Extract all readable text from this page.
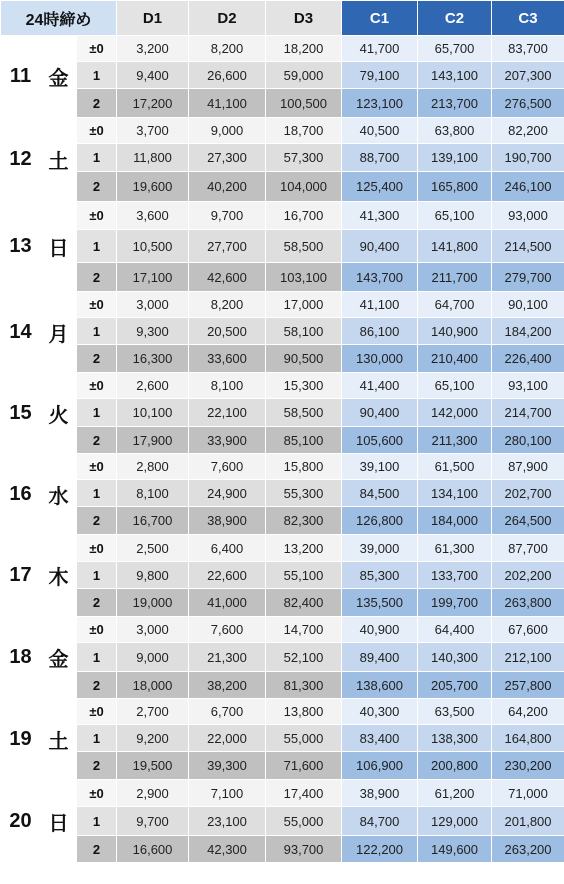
24時締め			D1	D2	D3	C1	C2	C3
11	金	±0	3,200	8,200	18,200	41,700	65,700	83,700
		1	9,400	26,600	59,000	79,100	143,100	207,300
		2	17,200	41,100	100,500	123,100	213,700	276,500
12	土	±0	3,700	9,000	18,700	40,500	63,800	82,200
		1	11,800	27,300	57,300	88,700	139,100	190,700
		2	19,600	40,200	104,000	125,400	165,800	246,100
13	日	±0	3,600	9,700	16,700	41,300	65,100	93,000
		1	10,500	27,700	58,500	90,400	141,800	214,500
		2	17,100	42,600	103,100	143,700	211,700	279,700
14	月	±0	3,000	8,200	17,000	41,100	64,700	90,100
		1	9,300	20,500	58,100	86,100	140,900	184,200
		2	16,300	33,600	90,500	130,000	210,400	226,400
15	火	±0	2,600	8,100	15,300	41,400	65,100	93,100
		1	10,100	22,100	58,500	90,400	142,000	214,700
		2	17,900	33,900	85,100	105,600	211,300	280,100
16	水	±0	2,800	7,600	15,800	39,100	61,500	87,900
		1	8,100	24,900	55,300	84,500	134,100	202,700
		2	16,700	38,900	82,300	126,800	184,000	264,500
17	木	±0	2,500	6,400	13,200	39,000	61,300	87,700
		1	9,800	22,600	55,100	85,300	133,700	202,200
		2	19,000	41,000	82,400	135,500	199,700	263,800
18	金	±0	3,000	7,600	14,700	40,900	64,400	67,600
		1	9,000	21,300	52,100	89,400	140,300	212,100
		2	18,000	38,200	81,300	138,600	205,700	257,800
19	土	±0	2,700	6,700	13,800	40,300	63,500	64,200
		1	9,200	22,000	55,000	83,400	138,300	164,800
		2	19,500	39,300	71,600	106,900	200,800	230,200
20	日	±0	2,900	7,100	17,400	38,900	61,200	71,000
		1	9,700	23,100	55,000	84,700	129,000	201,800
		2	16,600	42,300	93,700	122,200	149,600	263,200
